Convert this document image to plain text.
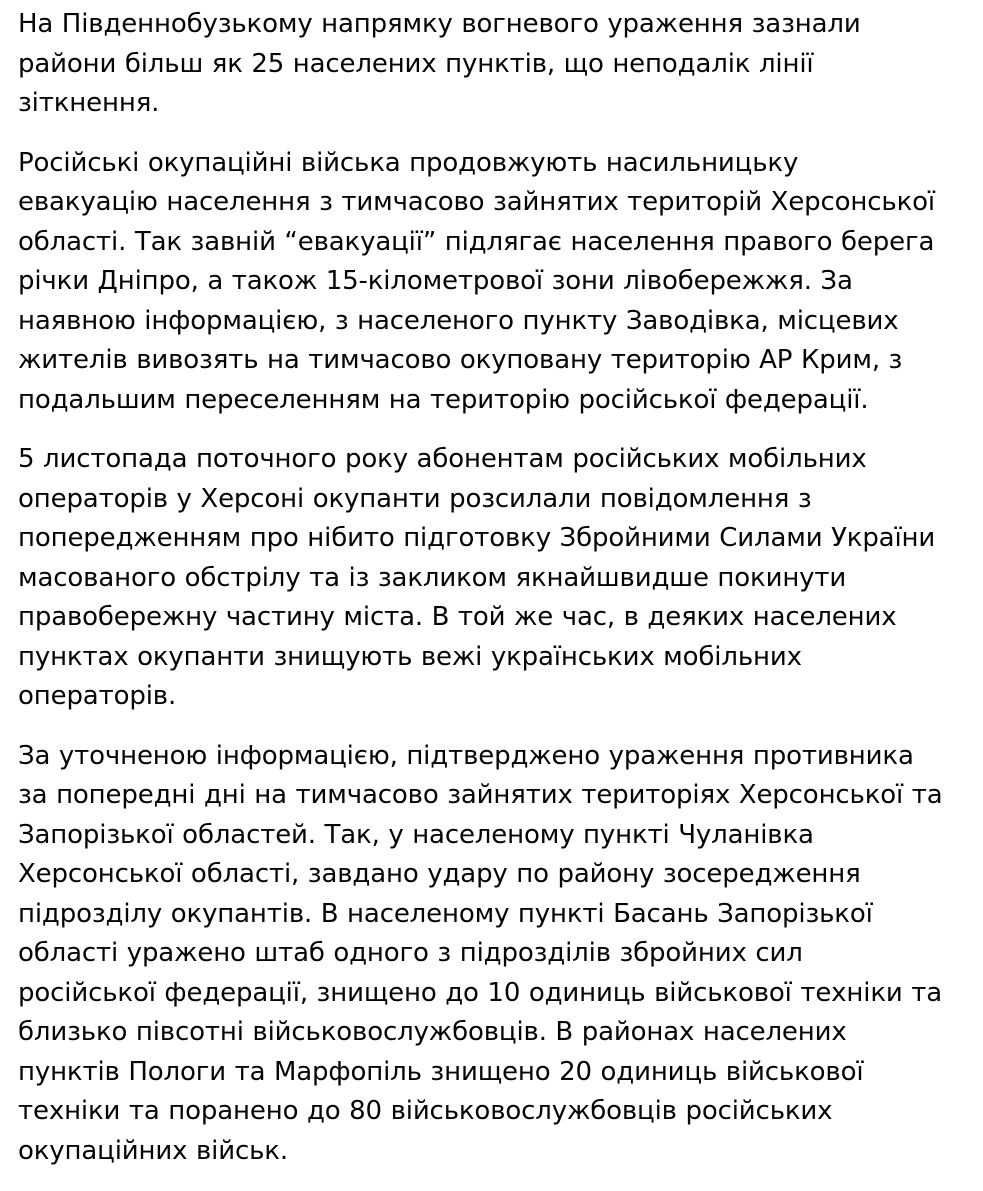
На Південнобузькому напрямку вогневого ураження зазнали
райони більш як 25 населених пунктів, що неподалік лінії
зіткнення.

Російські окупаційні війська продовжують насильницьку
евакуацію населення з тимчасово зайнятих територій Херсонської
області. Так завній “евакуації” підлягає населення правого берега
річки Дніпро, а також 15-кілометрової зони лівобережжя. За
наявною інформацією, з населеного пункту Заводівка, місцевих
жителів вивозять на тимчасово окуповану територію АР Крим, з
подальшим переселенням на територію російської федерації.

5 листопада поточного року абонентам російських мобільних
операторів у Херсоні окупанти розсилали повідомлення з
попередженням про нібито підготовку Збройними Силами України
масованого обстрілу та із закликом якнайшвидше покинути
правобережну частину міста. В той же час, в деяких населених
пунктах окупанти знищують вежі українських мобільних
операторів.

За уточненою інформацією, підтверджено ураження противника
за попередні дні на тимчасово зайнятих територіях Херсонської та
Запорізької областей. Так, у населеному пункті Чуланівка
Херсонської області, завдано удару по району зосередження
підрозділу окупантів. В населеному пункті Басань Запорізької
області уражено штаб одного з підрозділів збройних сил
російської федерації, знищено до 10 одиниць військової техніки та
близько півсотні військовослужбовців. В районах населених
пунктів Пологи та Марфопіль знищено 20 одиниць військової
техніки та поранено до 80 військовослужбовців російських
окупаційних військ.
